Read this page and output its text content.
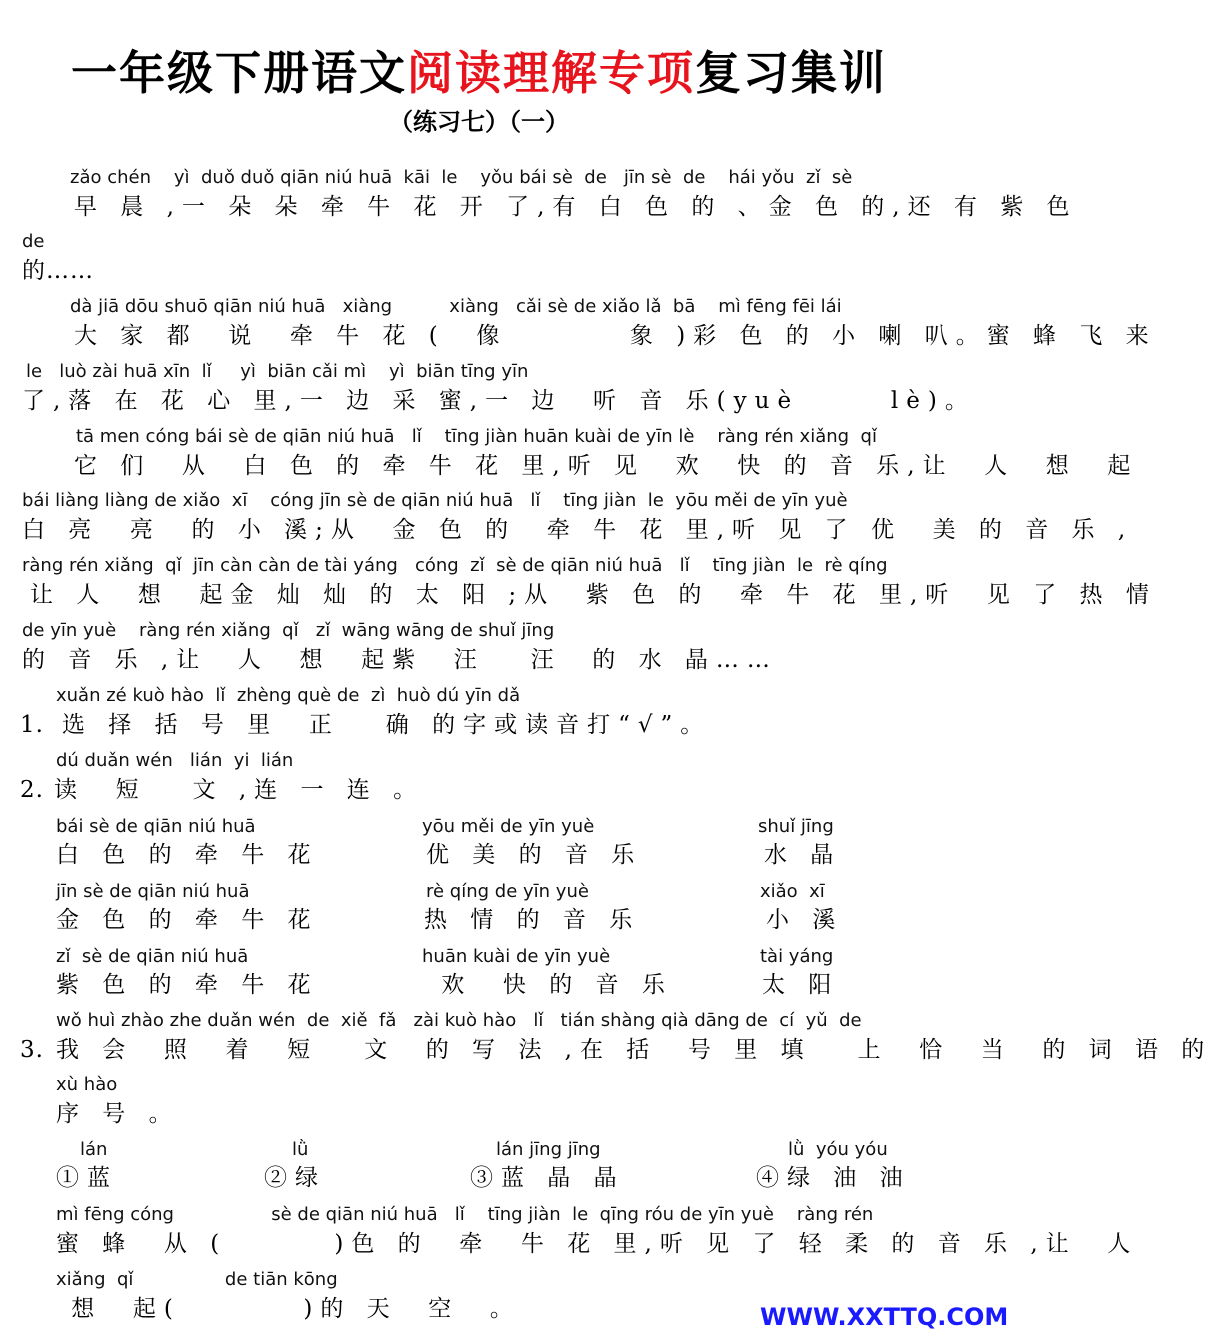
一年级下册语文阅读理解专项复习集训
（练习七）（一）
zǎo chén    yì  duǒ duǒ qiān niú huā  kāi  le    yǒu bái sè  de   jīn sè  de    hái yǒu  zǐ  sè
早 晨 ,一 朵 朵 牵 牛 花 开 了,有 白 色 的 、金 色 的,还 有 紫 色
de
的……
dà jiā dōu shuō qiān niú huā   xiàng          xiàng   cǎi sè de xiǎo lǎ  bā    mì fēng fēi lái
大 家 都  说  牵 牛 花 (  像        象 )彩 色 的 小 喇 叭。蜜 蜂 飞 来
le   luò zài huā xīn  lǐ     yì  biān cǎi mì    yì  biān tīng yīn
了,落 在 花 心 里,一 边 采 蜜,一 边  听 音 乐(yuè      lè)。
tā men cóng bái sè de qiān niú huā   lǐ    tīng jiàn huān kuài de yīn lè    ràng rén xiǎng  qǐ
它 们  从  白 色 的 牵 牛 花 里,听 见  欢  快 的 音 乐,让  人  想  起
bái liàng liàng de xiǎo  xī    cóng jīn sè de qiān niú huā   lǐ    tīng jiàn  le  yōu měi de yīn yuè
白 亮  亮  的 小 溪;从  金 色 的  牵 牛 花 里,听 见 了 优  美 的 音 乐 ,
ràng rén xiǎng  qǐ  jīn càn càn de tài yáng   cóng  zǐ  sè de qiān niú huā   lǐ    tīng jiàn  le  rè qíng
让 人  想  起金 灿 灿 的 太 阳 ;从  紫 色 的  牵 牛 花 里,听  见 了 热 情
de yīn yuè    ràng rén xiǎng  qǐ   zǐ  wāng wāng de shuǐ jīng
的 音 乐 ,让  人  想  起紫  汪   汪  的 水 晶……
xuǎn zé kuò hào  lǐ  zhèng què de  zì  huò dú yīn dǎ
1. 选 择 括 号 里  正   确 的字或读音打“√”。
dú duǎn wén   lián  yi  lián
2. 读  短   文 ,连 一 连 。
bái sè de qiān niú huā
白 色 的 牵 牛 花
jīn sè de qiān niú huā
金 色 的 牵 牛 花
zǐ  sè de qiān niú huā
紫 色 的 牵 牛 花
yōu měi de yīn yuè
优 美 的 音 乐
rè qíng de yīn yuè
热 情 的 音 乐
huān kuài de yīn yuè
欢  快 的 音 乐
shuǐ jīng
水 晶
xiǎo  xī
小 溪
tài yáng
太 阳
wǒ huì zhào zhe duǎn wén  de  xiě  fǎ   zài kuò hào   lǐ   tián shàng qià dāng de  cí  yǔ  de
3. 我 会  照  着  短   文  的 写 法 ,在 括  号 里 填   上  恰  当  的 词 语 的
xù hào
序 号 。
lán
①蓝
lǜ
②绿
lán jīng jīng
③蓝 晶 晶
lǜ  yóu yóu
④绿 油 油
mì fēng cóng                 sè de qiān niú huā   lǐ    tīng jiàn  le  qīng róu de yīn yuè    ràng rén
蜜 蜂  从 (       )色 的  牵  牛 花 里,听 见 了 轻 柔 的 音 乐 ,让  人
xiǎng  qǐ                de tiān kōng
想  起(        )的 天  空  。	WWW.XXTTQ.COM
